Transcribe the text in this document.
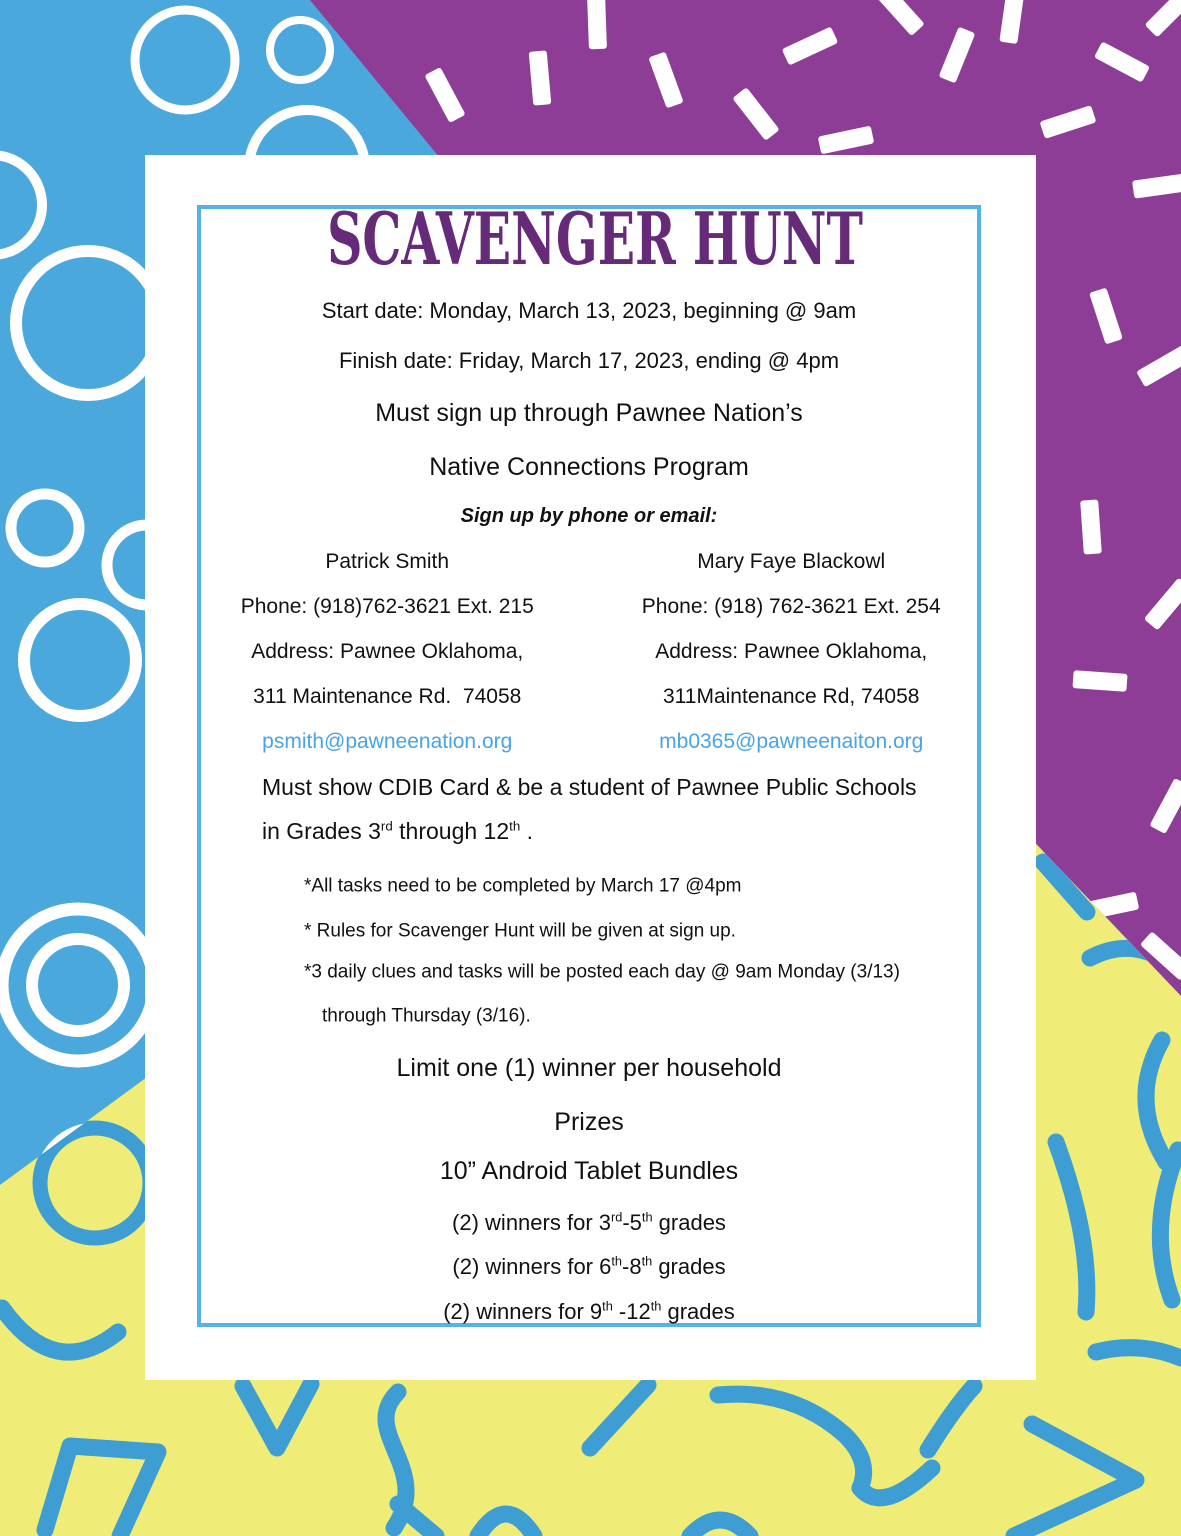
SCAVENGER HUNT
Start date: Monday, March 13, 2023, beginning @ 9am
Finish date: Friday, March 17, 2023, ending @ 4pm
Must sign up through Pawnee Nation’s
Native Connections Program
Sign up by phone or email:
Patrick Smith
Phone: (918)762-3621 Ext. 215
Address: Pawnee Oklahoma,
311 Maintenance Rd.  74058
psmith@pawneenation.org
Mary Faye Blackowl
Phone: (918) 762-3621 Ext. 254
Address: Pawnee Oklahoma,
311Maintenance Rd, 74058
mb0365@pawneenaiton.org
Must show CDIB Card & be a student of Pawnee Public Schools
in Grades 3rd through 12th .
*All tasks need to be completed by March 17 @4pm
* Rules for Scavenger Hunt will be given at sign up.
*3 daily clues and tasks will be posted each day @ 9am Monday (3/13)
through Thursday (3/16).
Limit one (1) winner per household
Prizes
10” Android Tablet Bundles
(2) winners for 3rd-5th grades
(2) winners for 6th-8th grades
(2) winners for 9th -12th grades
